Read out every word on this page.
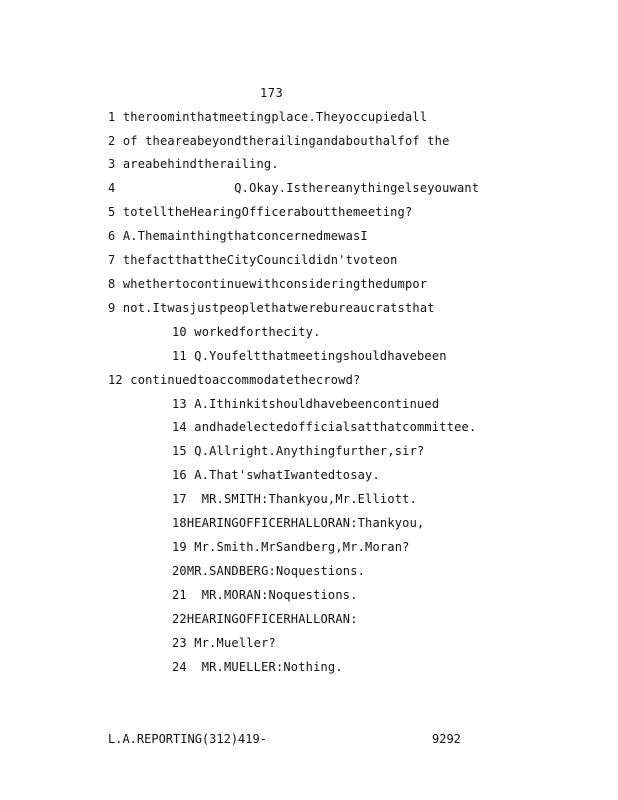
173
1 theroominthatmeetingplace.Theyoccupiedall
2 of theareabeyondtherailingandabouthalfof the
3 areabehindtherailing.
4                Q.Okay.Isthereanythingelseyouwant
5 totelltheHearingOfficeraboutthemeeting?
6 A.ThemainthingthatconcernedmewasI
7 thefactthattheCityCouncildidn'tvoteon
8 whethertocontinuewithconsideringthedumpor
9 not.Itwasjustpeoplethatwerebureaucratsthat
10 workedforthecity.
11 Q.Youfeltthatmeetingshouldhavebeen
12 continuedtoaccommodatethecrowd?
13 A.Ithinkitshouldhavebeencontinued
14 andhadelectedofficialsatthatcommittee.
15 Q.Allright.Anythingfurther,sir?
16 A.That'swhatIwantedtosay.
17  MR.SMITH:Thankyou,Mr.Elliott.
18HEARINGOFFICERHALLORAN:Thankyou,
19 Mr.Smith.MrSandberg,Mr.Moran?
20MR.SANDBERG:Noquestions.
21  MR.MORAN:Noquestions.
22HEARINGOFFICERHALLORAN:
23 Mr.Mueller?
24  MR.MUELLER:Nothing.
L.A.REPORTING(312)419-	9292
